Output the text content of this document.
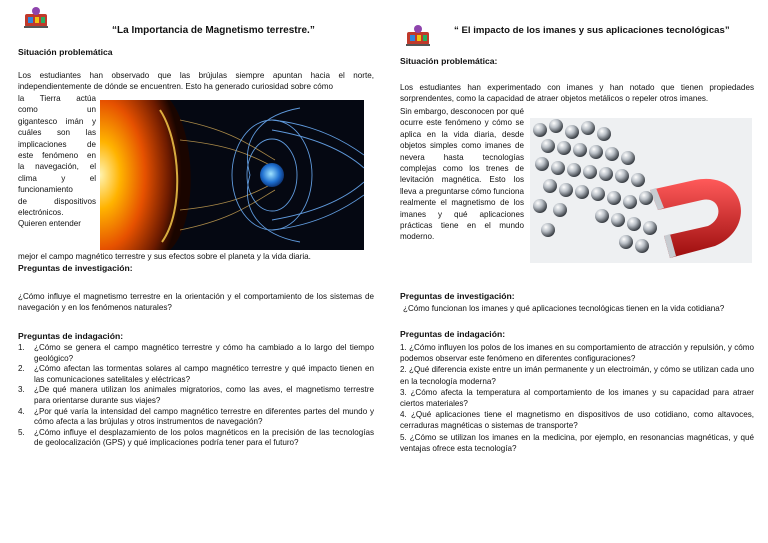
“La Importancia de Magnetismo terrestre.”
Situación problemática
Los estudiantes han observado que las brújulas siempre apuntan hacia el norte, independientemente de dónde se encuentren. Esto ha generado curiosidad sobre cómo
la Tierra actúa
como un
gigantesco imán y
cuáles son las
implicaciones de
este fenómeno en
la navegación, el
clima y el
funcionamiento
de dispositivos
electrónicos.
Quieren entender
mejor el campo magnético terrestre y sus efectos sobre el planeta y la vida diaria.
Preguntas de investigación:
¿Cómo influye el magnetismo terrestre en la orientación y el comportamiento de los sistemas de navegación y en los fenómenos naturales?
Preguntas de indagación:
1.	¿Cómo se genera el campo magnético terrestre y cómo ha cambiado a lo largo del tiempo geológico?
2.	¿Cómo afectan las tormentas solares al campo magnético terrestre y qué impacto tienen en las comunicaciones satelitales y eléctricas?
3.	¿De qué manera utilizan los animales migratorios, como las aves, el magnetismo terrestre para orientarse durante sus viajes?
4.	¿Por qué varía la intensidad del campo magnético terrestre en diferentes partes del mundo y cómo afecta a las brújulas y otros instrumentos de navegación?
5.	¿Cómo influye el desplazamiento de los polos magnéticos en la precisión de las tecnologías de geolocalización (GPS) y qué implicaciones podría tener para el futuro?
“ El impacto de los imanes y sus aplicaciones tecnológicas”
Situación problemática:
Los estudiantes han experimentado con imanes y han notado que tienen propiedades sorprendentes, como la capacidad de atraer objetos metálicos o repeler otros imanes.
Sin embargo, desconocen por qué ocurre este fenómeno y cómo se aplica en la vida diaria, desde objetos simples como imanes de nevera hasta tecnologías complejas como los trenes de levitación magnética. Esto los lleva a preguntarse cómo funciona realmente el magnetismo de los imanes y qué aplicaciones prácticas tiene en el mundo moderno.
Preguntas de investigación:
¿Cómo funcionan los imanes y qué aplicaciones tecnológicas tienen en la vida cotidiana?
Preguntas de indagación:
1. ¿Cómo influyen los polos de los imanes en su comportamiento de atracción y repulsión, y cómo podemos observar este fenómeno en diferentes configuraciones?
2. ¿Qué diferencia existe entre un imán permanente y un electroimán, y cómo se utilizan cada uno en la tecnología moderna?
3. ¿Cómo afecta la temperatura al comportamiento de los imanes y su capacidad para atraer ciertos materiales?
4. ¿Qué aplicaciones tiene el magnetismo en dispositivos de uso cotidiano, como altavoces, cerraduras magnéticas o sistemas de transporte?
5. ¿Cómo se utilizan los imanes en la medicina, por ejemplo, en resonancias magnéticas, y qué ventajas ofrece esta tecnología?
